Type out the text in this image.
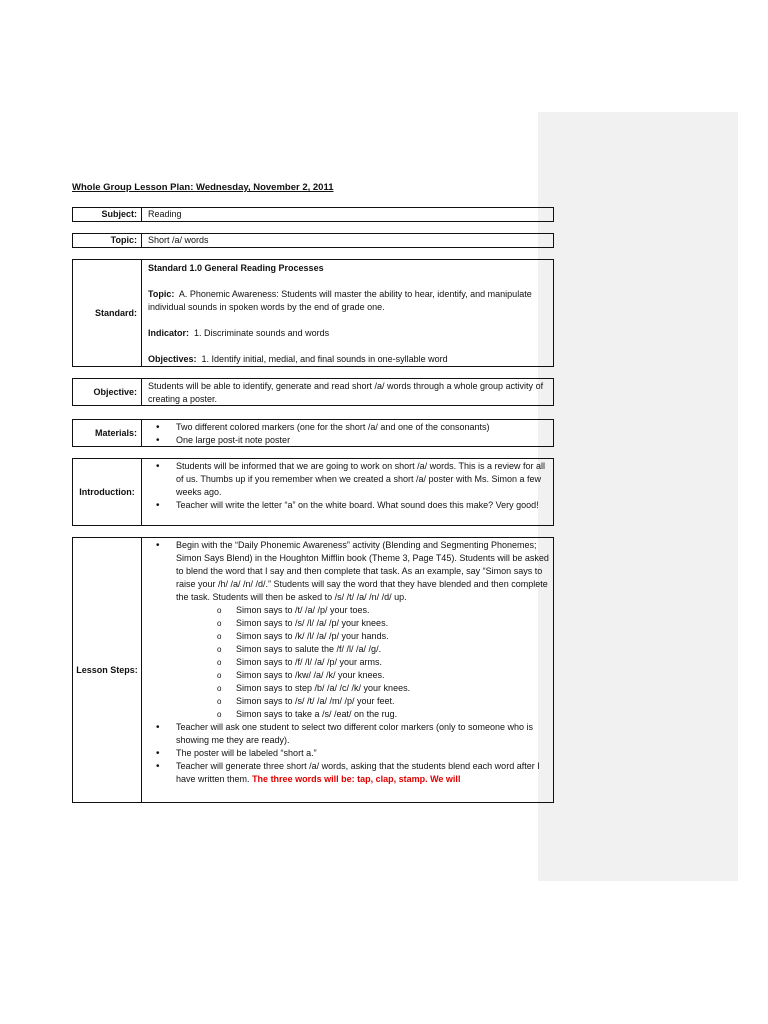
Whole Group Lesson Plan: Wednesday, November 2, 2011
Subject:	Reading
Topic:	Short /a/ words
Standard:

Standard 1.0 General Reading Processes

Topic: A. Phonemic Awareness: Students will master the ability to hear, identify, and manipulate individual sounds in spoken words by the end of grade one.

Indicator: 1. Discriminate sounds and words

Objectives: 1. Identify initial, medial, and final sounds in one-syllable word

Objective:
Students will be able to identify, generate and read short /a/ words through a whole group activity of creating a poster.
Materials:
• Two different colored markers (one for the short /a/ and one of the consonants)
• One large post-it note poster
Introduction:
• Students will be informed that we are going to work on short /a/ words. This is a review for all of us. Thumbs up if you remember when we created a short /a/ poster with Ms. Simon a few weeks ago.
• Teacher will write the letter “a” on the white board. What sound does this make? Very good!
Lesson Steps:
• Begin with the “Daily Phonemic Awareness” activity (Blending and Segmenting Phonemes; Simon Says Blend) in the Houghton Mifflin book (Theme 3, Page T45). Students will be asked to blend the word that I say and then complete that task. As an example, say “Simon says to raise your /h/ /a/ /n/ /d/.” Students will say the word that they have blended and then complete the task. Students will then be asked to /s/ /t/ /a/ /n/ /d/ up.
o Simon says to /t/ /a/ /p/ your toes.
o Simon says to /s/ /l/ /a/ /p/ your knees.
o Simon says to /k/ /l/ /a/ /p/ your hands.
o Simon says to salute the /f/ /l/ /a/ /g/.
o Simon says to /f/ /l/ /a/ /p/ your arms.
o Simon says to /kw/ /a/ /k/ your knees.
o Simon says to step /b/ /a/ /c/ /k/ your knees.
o Simon says to /s/ /t/ /a/ /m/ /p/ your feet.
o Simon says to take a /s/ /eat/ on the rug.
• Teacher will ask one student to select two different color markers (only to someone who is showing me they are ready).
• The poster will be labeled “short a.”
• Teacher will generate three short /a/ words, asking that the students blend each word after I have written them. The three words will be: tap, clap, stamp. We will
